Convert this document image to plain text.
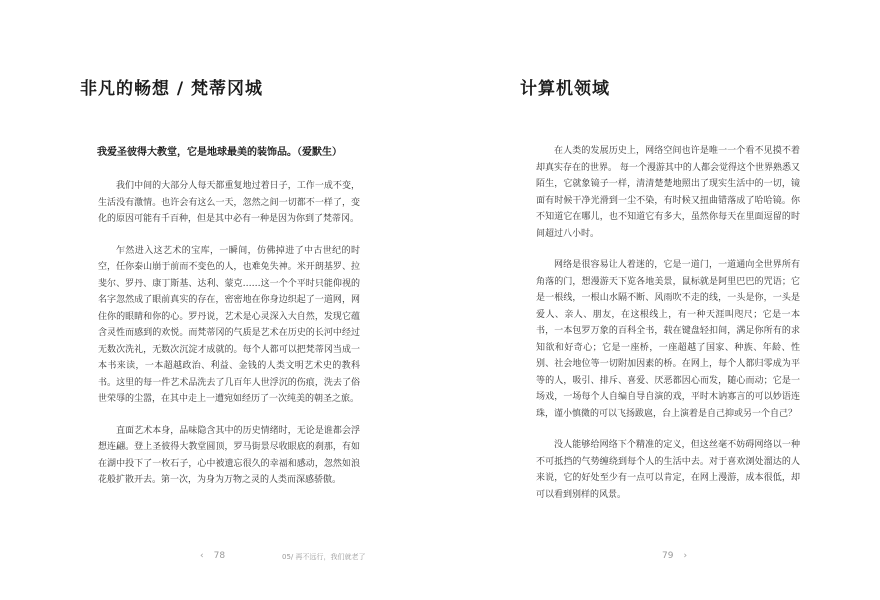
非凡的畅想 / 梵蒂冈城
我爱圣彼得大教堂，它是地球最美的装饰品。（爱默生）

我们中间的大部分人每天都重复地过着日子，工作一成不变，生活没有激情。也许会有这么一天，忽然之间一切都不一样了，变化的原因可能有千百种，但是其中必有一种是因为你到了梵蒂冈。

乍然进入这艺术的宝库，一瞬间，仿佛掉进了中古世纪的时空，任你泰山崩于前而不变色的人，也难免失神。米开朗基罗、拉斐尔、罗丹、康丁斯基、达利、蒙克……这一个个平时只能仰视的名字忽然成了眼前真实的存在，密密地在你身边织起了一道网，网住你的眼睛和你的心。罗丹说，艺术是心灵深入大自然，发现它蕴含灵性而感到的欢悦。而梵蒂冈的气质是艺术在历史的长河中经过无数次洗礼，无数次沉淀才成就的。每个人都可以把梵蒂冈当成一本书来读，一本超越政治、利益、金钱的人类文明艺术史的教科书。这里的每一件艺术品洗去了几百年人世浮沉的伤痕，洗去了俗世荣辱的尘嚣，在其中走上一遭宛如经历了一次纯美的朝圣之旅。

直面艺术本身，品味隐含其中的历史情绪时，无论是谁都会浮想连翩。登上圣彼得大教堂圆顶，罗马街景尽收眼底的刹那，有如在湖中投下了一枚石子，心中被遗忘很久的幸福和感动，忽然如浪花般扩散开去。第一次，为身为万物之灵的人类而深感骄傲。

‹ 78	05/ 再不远行，我们就老了
计算机领域

在人类的发展历史上，网络空间也许是唯一一个看不见摸不着却真实存在的世界。 每一个漫游其中的人都会觉得这个世界熟悉又陌生，它就象镜子一样，清清楚楚地照出了现实生活中的一切，镜面有时候干净光滑到一尘不染，有时候又扭曲错落成了哈哈镜。你不知道它在哪儿，也不知道它有多大，虽然你每天在里面逗留的时间超过八小时。

网络是很容易让人着迷的，它是一道门，一道通向全世界所有角落的门，想漫游天下览各地美景，鼠标就是阿里巴巴的咒语；它是一根线，一根山水隔不断、风雨吹不走的线，一头是你，一头是爱人、亲人、朋友，在这根线上，有一种天涯叫咫尺；它是一本书，一本包罗万象的百科全书，载在键盘轻扣间，满足你所有的求知欲和好奇心；它是一座桥，一座超越了国家、种族、年龄、性别、社会地位等一切附加因素的桥。在网上，每个人都归零成为平等的人，吸引、排斥、喜爱、厌恶都因心而发，随心而动；它是一场戏，一场每个人自编自导自演的戏，平时木讷寡言的可以妙语连珠，谨小慎微的可以飞扬跋扈，台上演着是自己抑或另一个自己？

没人能够给网络下个精准的定义，但这丝毫不妨碍网络以一种不可抵挡的气势缠绕到每个人的生活中去。对于喜欢浏处溜达的人来说，它的好处至少有一点可以肯定，在网上漫游，成本很低，却可以看到别样的风景。

79 ›
